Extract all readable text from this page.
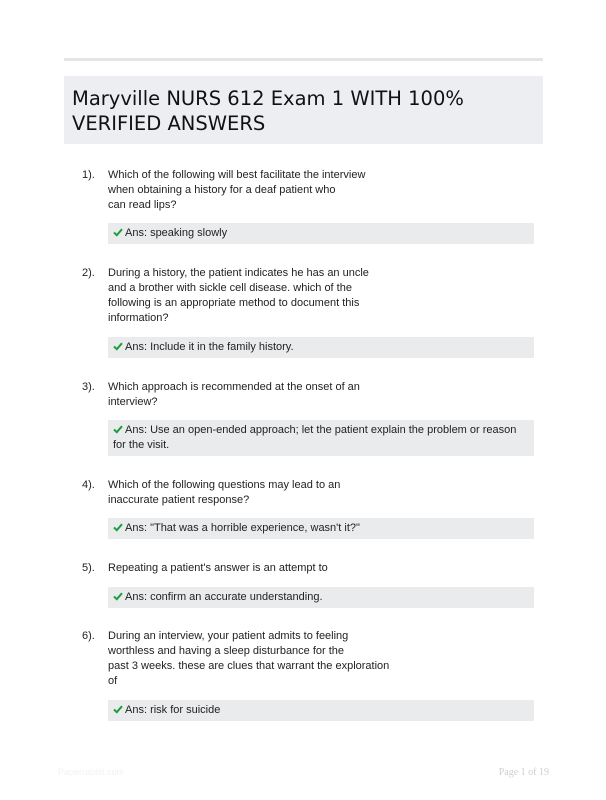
Maryville NURS 612 Exam 1 WITH 100%
VERIFIED ANSWERS
1). Which of the following will best facilitate the interview
when obtaining a history for a deaf patient who
can read lips?
Ans: speaking slowly
2). During a history, the patient indicates he has an uncle
and a brother with sickle cell disease. which of the
following is an appropriate method to document this
information?
Ans: Include it in the family history.
3). Which approach is recommended at the onset of an
interview?
Ans: Use an open-ended approach; let the patient explain the problem or reason for the visit.
4). Which of the following questions may lead to an
inaccurate patient response?
Ans: "That was a horrible experience, wasn't it?"
5). Repeating a patient's answer is an attempt to
Ans: confirm an accurate understanding.
6). During an interview, your patient admits to feeling
worthless and having a sleep disturbance for the
past 3 weeks. these are clues that warrant the exploration
of
Ans: risk for suicide
Paperrabbit.com	Page 1 of 19
